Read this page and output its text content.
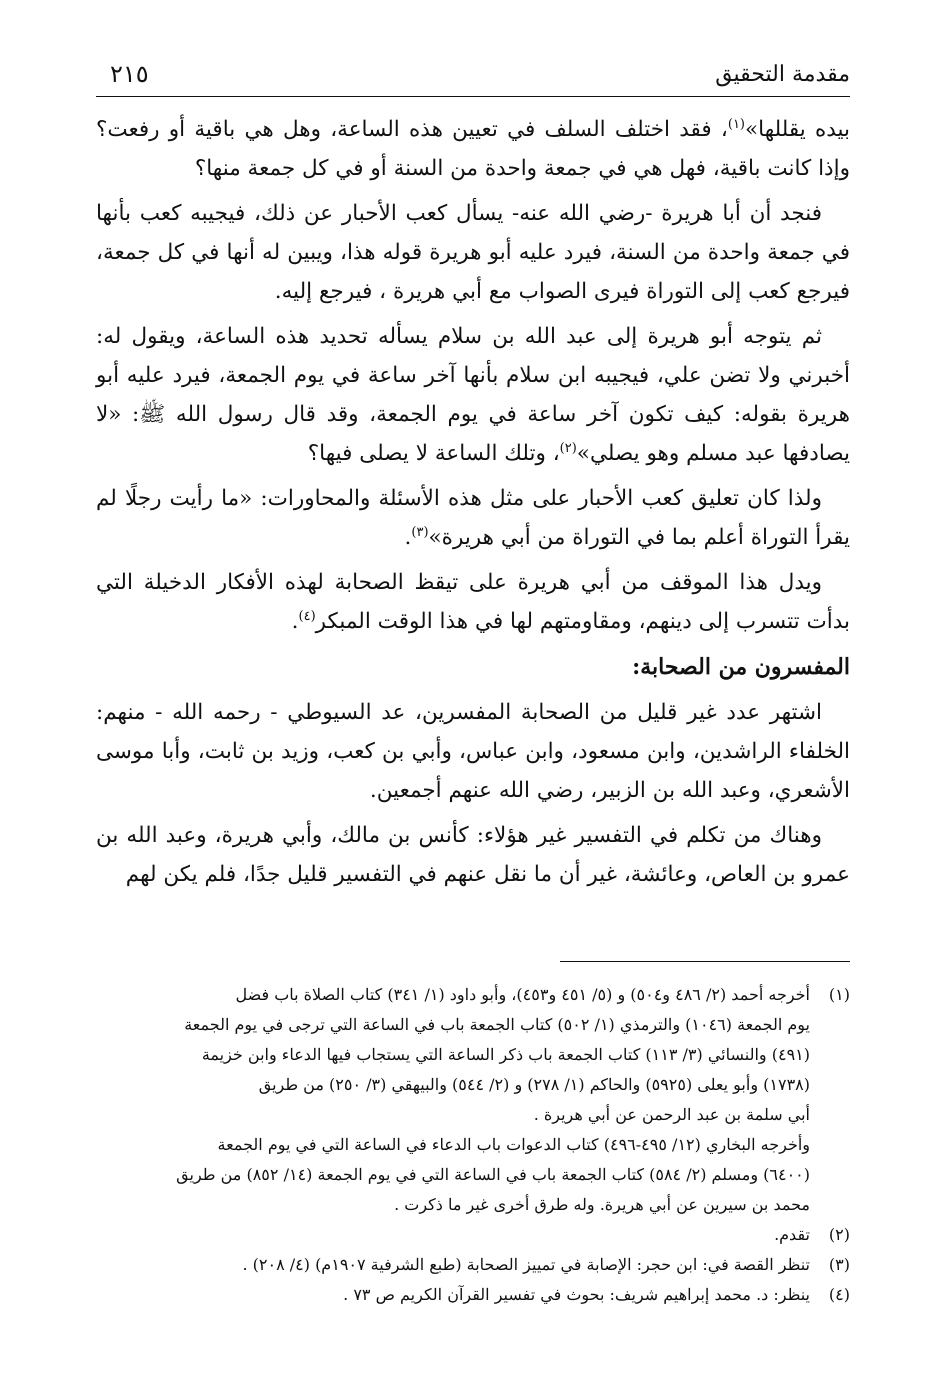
مقدمة التحقيق
٢١٥

بيده يقللها»$^{(١)}$، فقد اختلف السلف في تعيين هذه الساعة، وهل هي باقية أو رفعت؟ وإذا كانت باقية، فهل هي في جمعة واحدة من السنة أو في كل جمعة منها؟

فنجد أن أبا هريرة -رضي الله عنه- يسأل كعب الأحبار عن ذلك، فيجيبه كعب بأنها في جمعة واحدة من السنة، فيرد عليه أبو هريرة قوله هذا، ويبين له أنها في كل جمعة، فيرجع كعب إلى التوراة فيرى الصواب مع أبي هريرة ، فيرجع إليه.

ثم يتوجه أبو هريرة إلى عبد الله بن سلام يسأله تحديد هذه الساعة، ويقول له: أخبرني ولا تضن علي، فيجيبه ابن سلام بأنها آخر ساعة في يوم الجمعة، فيرد عليه أبو هريرة بقوله: كيف تكون آخر ساعة في يوم الجمعة، وقد قال رسول الله ﷺ: «لا يصادفها عبد مسلم وهو يصلي»$^{(٢)}$، وتلك الساعة لا يصلى فيها؟

ولذا كان تعليق كعب الأحبار على مثل هذه الأسئلة والمحاورات: «ما رأيت رجلًا لم يقرأ التوراة أعلم بما في التوراة من أبي هريرة»$^{(٣)}$.

ويدل هذا الموقف من أبي هريرة على تيقظ الصحابة لهذه الأفكار الدخيلة التي بدأت تتسرب إلى دينهم، ومقاومتهم لها في هذا الوقت المبكر$^{(٤)}$.

المفسرون من الصحابة:

اشتهر عدد غير قليل من الصحابة المفسرين، عد السيوطي - رحمه الله - منهم: الخلفاء الراشدين، وابن مسعود، وابن عباس، وأبي بن كعب، وزيد بن ثابت، وأبا موسى الأشعري، وعبد الله بن الزبير، رضي الله عنهم أجمعين.

وهناك من تكلم في التفسير غير هؤلاء: كأنس بن مالك، وأبي هريرة، وعبد الله بن عمرو بن العاص، وعائشة، غير أن ما نقل عنهم في التفسير قليل جدًا، فلم يكن لهم

(١)
أخرجه أحمد (٢/ ٤٨٦ و٥٠٤) و (٥/ ٤٥١ و٤٥٣)، وأبو داود (١/ ٣٤١) كتاب الصلاة باب فضل
يوم الجمعة (١٠٤٦) والترمذي (١/ ٥٠٢) كتاب الجمعة باب في الساعة التي ترجى في يوم الجمعة
(٤٩١) والنسائي (٣/ ١١٣) كتاب الجمعة باب ذكر الساعة التي يستجاب فيها الدعاء وابن خزيمة
(١٧٣٨) وأبو يعلى (٥٩٢٥) والحاكم (١/ ٢٧٨) و (٢/ ٥٤٤) والبيهقي (٣/ ٢٥٠) من طريق
أبي سلمة بن عبد الرحمن عن أبي هريرة .
وأخرجه البخاري (١٢/ ٤٩٥-٤٩٦) كتاب الدعوات باب الدعاء في الساعة التي في يوم الجمعة
(٦٤٠٠) ومسلم (٢/ ٥٨٤) كتاب الجمعة باب في الساعة التي في يوم الجمعة (١٤/ ٨٥٢) من طريق
محمد بن سيرين عن أبي هريرة. وله طرق أخرى غير ما ذكرت .
(٢)
تقدم.
(٣)
تنظر القصة في: ابن حجر: الإصابة في تمييز الصحابة (طبع الشرفية ١٩٠٧م) (٤/ ٢٠٨) .
(٤)
ينظر: د. محمد إبراهيم شريف: بحوث في تفسير القرآن الكريم ص ٧٣ .
